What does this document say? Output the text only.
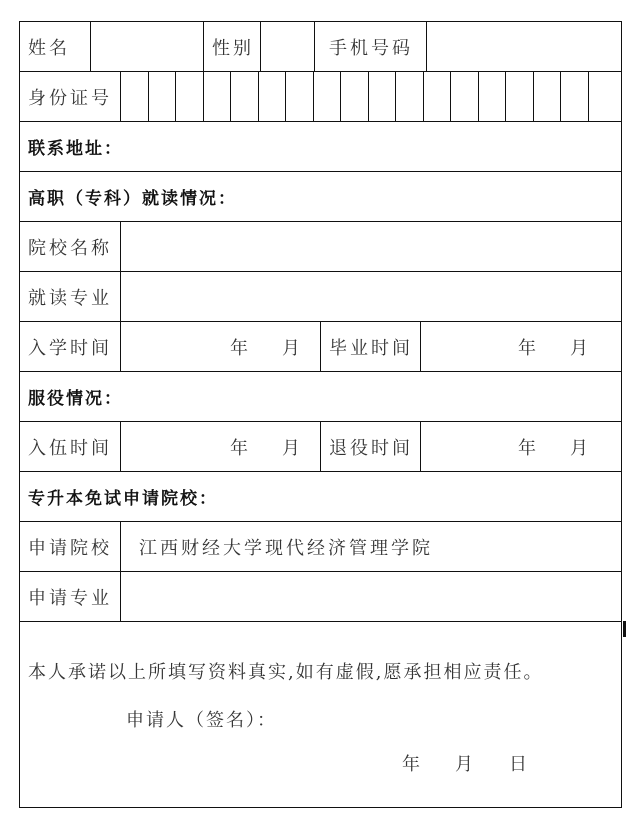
姓名	性别	手机号码
身份证号
联系地址：
高职（专科）就读情况：
院校名称
就读专业
入学时间	年 月	毕业时间	年 月
服役情况：
入伍时间	年 月	退役时间	年 月
专升本免试申请院校：
申请院校	江西财经大学现代经济管理学院
申请专业
本人承诺以上所填写资料真实,如有虚假,愿承担相应责任。
申请人（签名）：
年 月 日
